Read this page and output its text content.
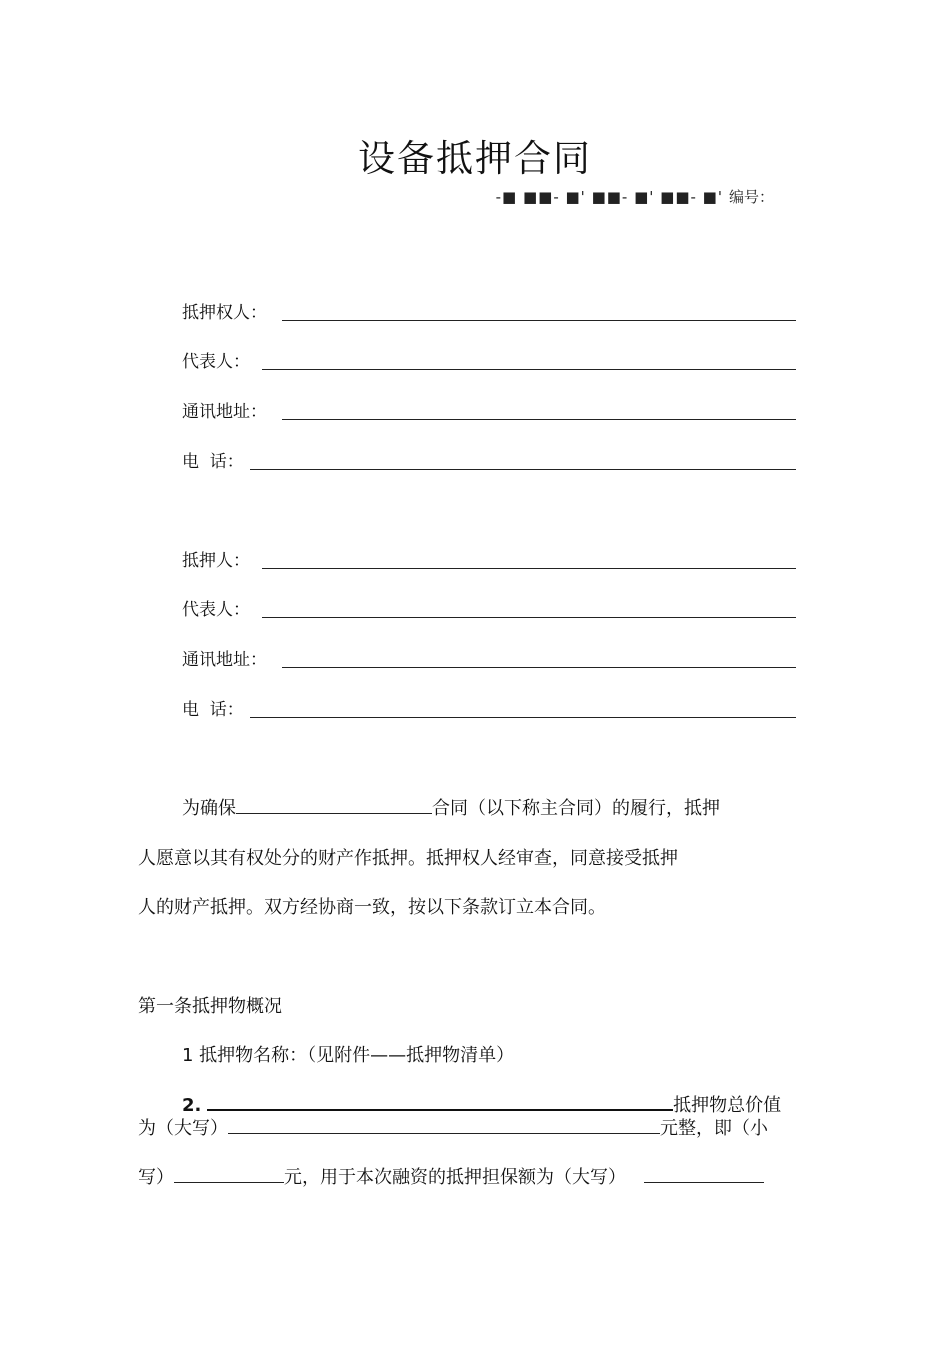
设备抵押合同
-■ ■■- ■' ■■- ■' ■■- ■' 编号：
抵押权人：
代表人：
通讯地址：
电  话：
抵押人：
代表人：
通讯地址：
电  话：
为确保	合同（以下称主合同）的履行，抵押
人愿意以其有权处分的财产作抵押。抵押权人经审查，同意接受抵押
人的财产抵押。双方经协商一致，按以下条款订立本合同。
第一条抵押物概况
1 抵押物名称：（见附件——抵押物清单）
2.	抵押物总价值
为（大写）	元整，即（小
写）	元，用于本次融资的抵押担保额为（大写）
